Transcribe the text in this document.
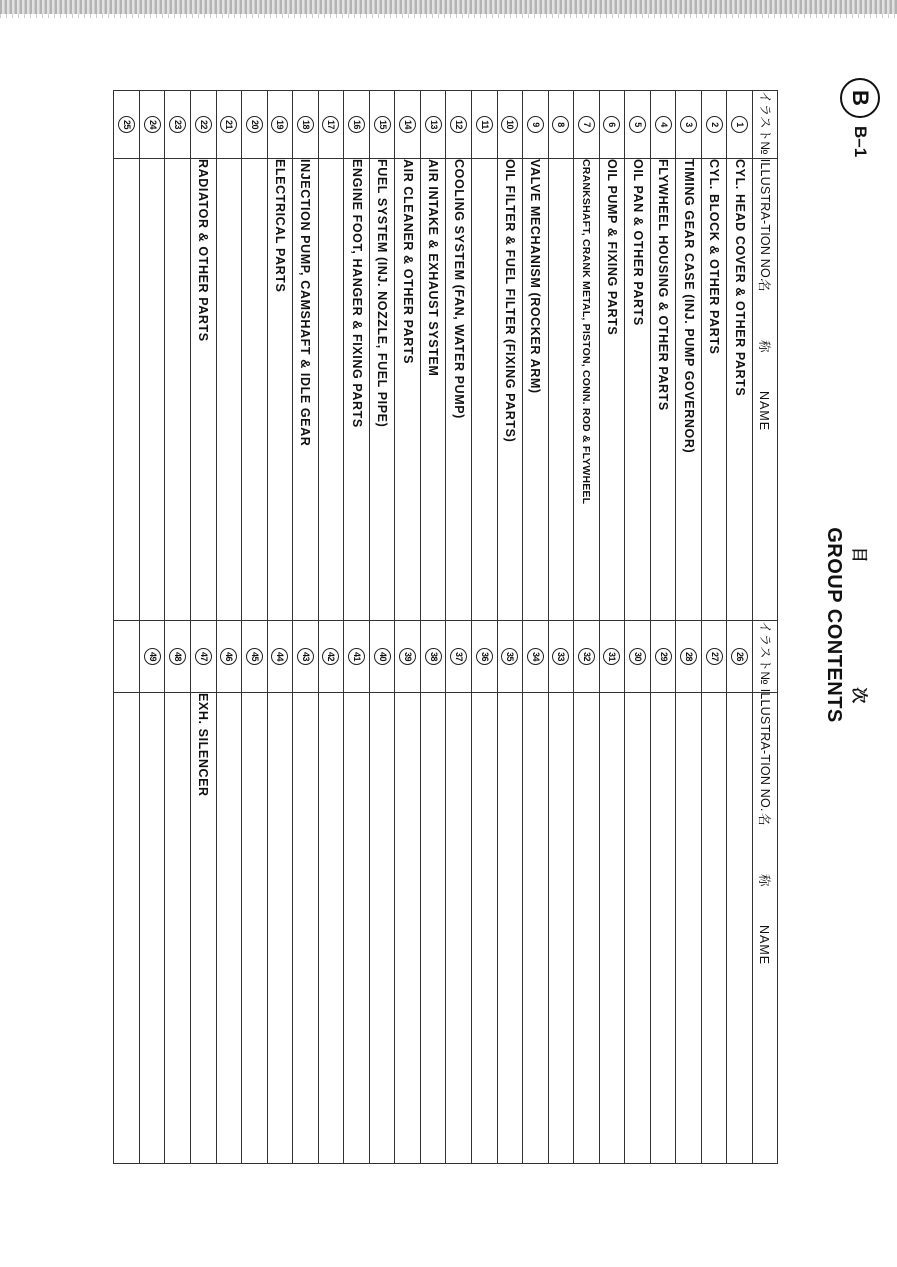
B
B–1
目 次
GROUP CONTENTS
イラスト№ ILLUSTRA-TION NO.	名 称 NAME	イラスト№ ILLUSTRA-TION NO.	名 称 NAME
1	CYL. HEAD COVER & OTHER PARTS	26	
2	CYL. BLOCK & OTHER PARTS	27	
3	TIMING GEAR CASE (INJ. PUMP GOVERNOR)	28	
4	FLYWHEEL HOUSING & OTHER PARTS	29	
5	OIL PAN & OTHER PARTS	30	
6	OIL PUMP & FIXING PARTS	31	
7	CRANKSHAFT, CRANK METAL, PISTON, CONN. ROD & FLYWHEEL	32	
8		33	
9	VALVE MECHANISM (ROCKER ARM)	34	
10	OIL FILTER & FUEL FILTER (FIXING PARTS)	35	
11		36	
12	COOLING SYSTEM (FAN, WATER PUMP)	37	
13	AIR INTAKE & EXHAUST SYSTEM	38	
14	AIR CLEANER & OTHER PARTS	39	
15	FUEL SYSTEM (INJ. NOZZLE, FUEL PIPE)	40	
16	ENGINE FOOT, HANGER & FIXING PARTS	41	
17		42	
18	INJECTION PUMP, CAMSHAFT & IDLE GEAR	43	
19	ELECTRICAL PARTS	44	
20		45	
21		46	
22	RADIATOR & OTHER PARTS	47	EXH. SILENCER
23		48	
24		49	
25			
